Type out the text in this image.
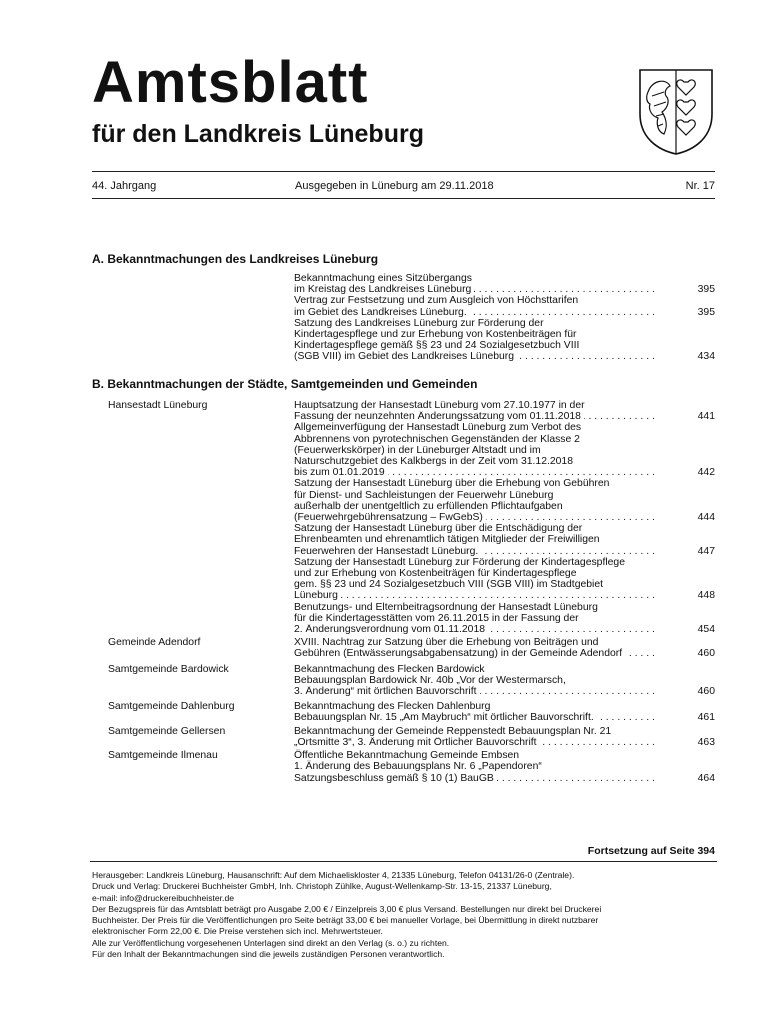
Amtsblatt
für den Landkreis Lüneburg
44. Jahrgang	Ausgegeben in Lüneburg am 29.11.2018	Nr. 17
A. Bekanntmachungen des Landkreises Lüneburg
Bekanntmachung eines Sitzübergangs
im Kreistag des Landkreises Lüneburg . . .	395
Vertrag zur Festsetzung und zum Ausgleich von Höchsttarifen
im Gebiet des Landkreises Lüneburg. . . .	395
Satzung des Landkreises Lüneburg zur Förderung der
Kindertagespflege und zur Erhebung von Kostenbeiträgen für
Kindertagespflege gemäß §§ 23 und 24 Sozialgesetzbuch VIII
(SGB VIII) im Gebiet des Landkreises Lüneburg . . .	434
B. Bekanntmachungen der Städte, Samtgemeinden und Gemeinden
Hansestadt Lüneburg	Hauptsatzung der Hansestadt Lüneburg vom 27.10.1977 in der
Fassung der neunzehnten Änderungssatzung vom 01.11.2018 . . .	441
Allgemeinverfügung der Hansestadt Lüneburg zum Verbot des
Abbrennens von pyrotechnischen Gegenständen der Klasse 2
(Feuerwerkskörper) in der Lüneburger Altstadt und im
Naturschutzgebiet des Kalkbergs in der Zeit vom 31.12.2018
bis zum 01.01.2019 . . .	442
Satzung der Hansestadt Lüneburg über die Erhebung von Gebühren
für Dienst- und Sachleistungen der Feuerwehr Lüneburg
außerhalb der unentgeltlich zu erfüllenden Pflichtaufgaben
(Feuerwehrgebührensatzung – FwGebS) . . .	444
Satzung der Hansestadt Lüneburg über die Entschädigung der
Ehrenbeamten und ehrenamtlich tätigen Mitglieder der Freiwilligen
Feuerwehren der Hansestadt Lüneburg. . . .	447
Satzung der Hansestadt Lüneburg zur Förderung der Kindertagespflege
und zur Erhebung von Kostenbeiträgen für Kindertagespflege
gem. §§ 23 und 24 Sozialgesetzbuch VIII (SGB VIII) im Stadtgebiet
Lüneburg . . .	448
Benutzungs- und Elternbeitragsordnung der Hansestadt Lüneburg
für die Kindertagesstätten vom 26.11.2015 in der Fassung der
2. Änderungsverordnung vom 01.11.2018 . . .	454
Gemeinde Adendorf	XVIII. Nachtrag zur Satzung über die Erhebung von Beiträgen und
Gebühren (Entwässerungsabgabensatzung) in der Gemeinde Adendorf . . .	460
Samtgemeinde Bardowick	Bekanntmachung des Flecken Bardowick
Bebauungsplan Bardowick Nr. 40b „Vor der Westermarsch,
3. Änderung“ mit örtlichen Bauvorschrift . . .	460
Samtgemeinde Dahlenburg	Bekanntmachung des Flecken Dahlenburg
Bebauungsplan Nr. 15 „Am Maybruch“ mit örtlicher Bauvorschrift. . . .	461
Samtgemeinde Gellersen	Bekanntmachung der Gemeinde Reppenstedt Bebauungsplan Nr. 21
„Ortsmitte 3“, 3. Änderung mit Örtlicher Bauvorschrift . . .	463
Samtgemeinde Ilmenau	Öffentliche Bekanntmachung Gemeinde Embsen
1. Änderung des Bebauungsplans Nr. 6 „Papendoren“
Satzungsbeschluss gemäß § 10 (1) BauGB . . .	464
Fortsetzung auf Seite 394
Herausgeber: Landkreis Lüneburg, Hausanschrift: Auf dem Michaeliskloster 4, 21335 Lüneburg, Telefon 04131/26-0 (Zentrale).
Druck und Verlag: Druckerei Buchheister GmbH, Inh. Christoph Zühlke, August-Wellenkamp-Str. 13-15, 21337 Lüneburg,
e-mail: info@druckereibuchheister.de
Der Bezugspreis für das Amtsblatt beträgt pro Ausgabe 2,00 € / Einzelpreis 3,00 € plus Versand. Bestellungen nur direkt bei Druckerei
Buchheister. Der Preis für die Veröffentlichungen pro Seite beträgt 33,00 € bei manueller Vorlage, bei Übermittlung in direkt nutzbarer
elektronischer Form 22,00 €. Die Preise verstehen sich incl. Mehrwertsteuer.
Alle zur Veröffentlichung vorgesehenen Unterlagen sind direkt an den Verlag (s. o.) zu richten.
Für den Inhalt der Bekanntmachungen sind die jeweils zuständigen Personen verantwortlich.
